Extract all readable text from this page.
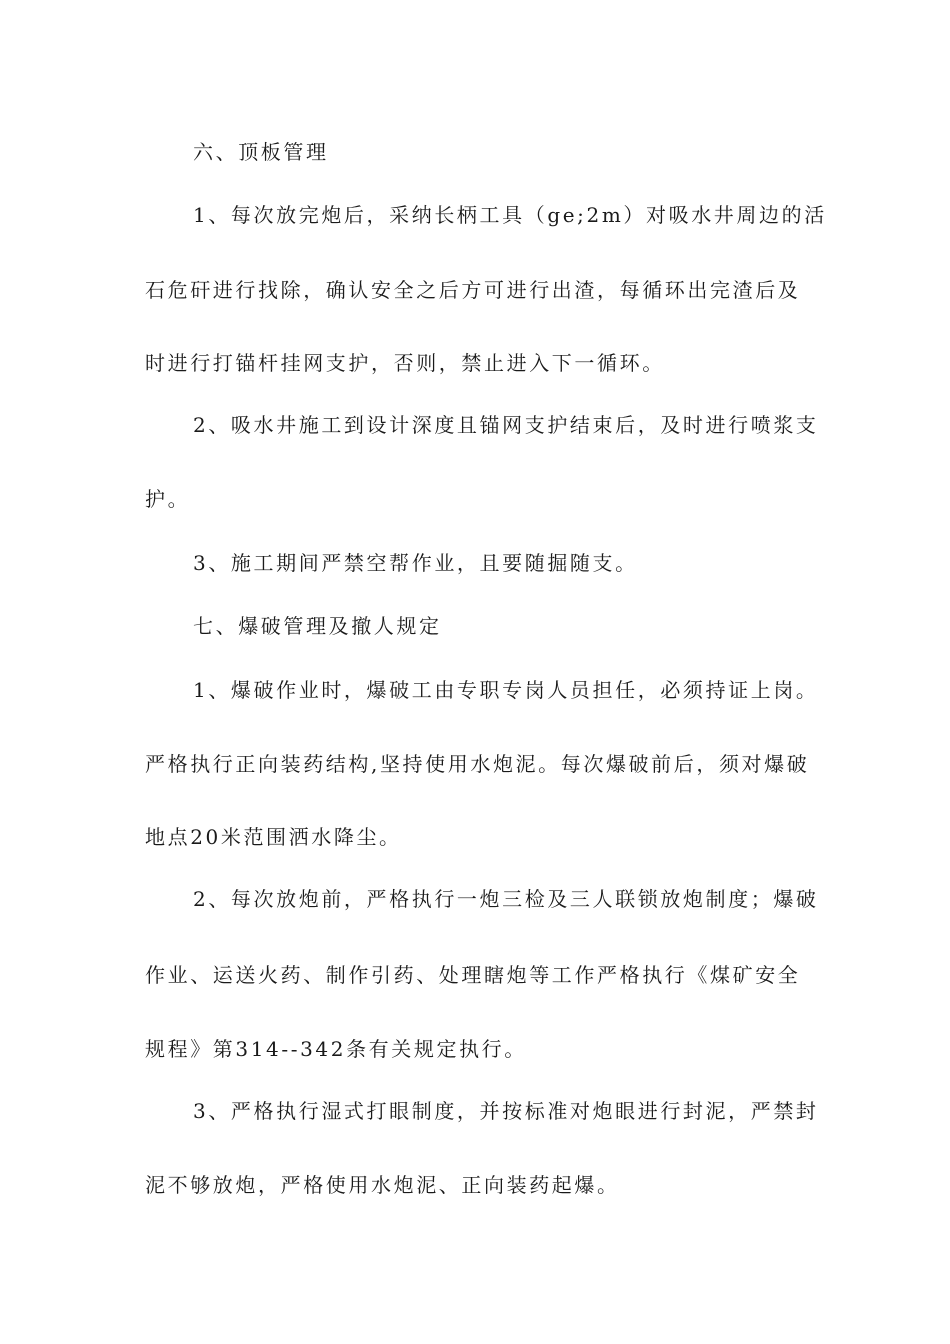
六、顶板管理
1、每次放完炮后，采纳长柄工具（ge;2m）对吸水井周边的活
石危矸进行找除，确认安全之后方可进行出渣，每循环出完渣后及
时进行打锚杆挂网支护，否则，禁止进入下一循环。
2、吸水井施工到设计深度且锚网支护结束后，及时进行喷浆支
护。
3、施工期间严禁空帮作业，且要随掘随支。
七、爆破管理及撤人规定
1、爆破作业时，爆破工由专职专岗人员担任，必须持证上岗。
严格执行正向装药结构,坚持使用水炮泥。每次爆破前后，须对爆破
地点20米范围洒水降尘。
2、每次放炮前，严格执行一炮三检及三人联锁放炮制度；爆破
作业、运送火药、制作引药、处理瞎炮等工作严格执行《煤矿安全
规程》第314--342条有关规定执行。
3、严格执行湿式打眼制度，并按标准对炮眼进行封泥，严禁封
泥不够放炮，严格使用水炮泥、正向装药起爆。
